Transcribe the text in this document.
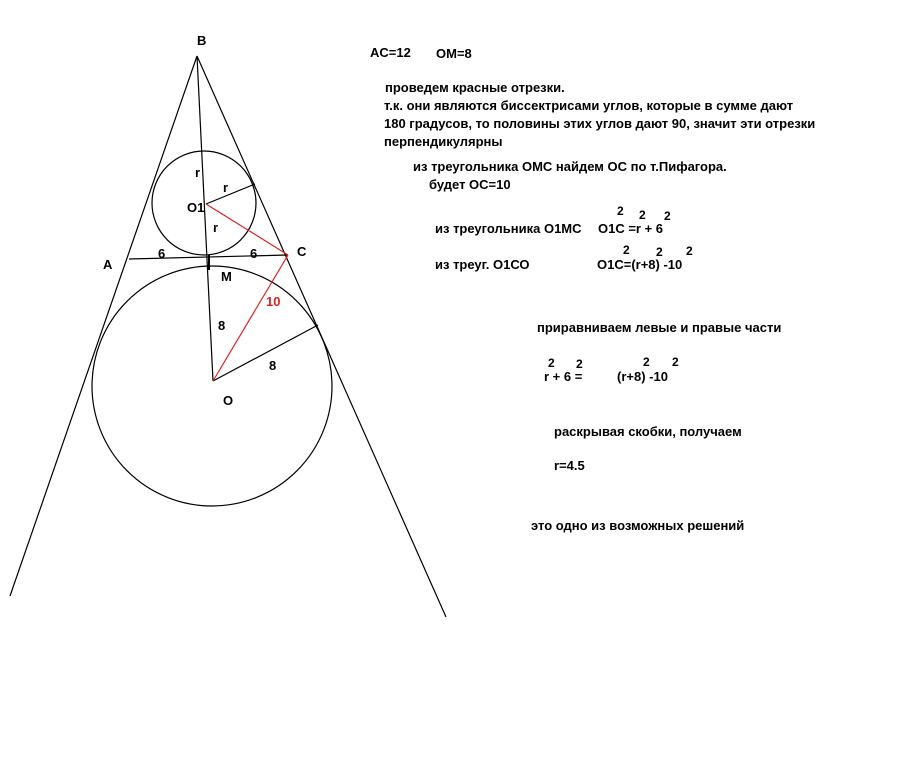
B
A
C
M
O1
O
r
r
r
6	6
8
10
8
AC=12 OM=8
проведем красные отрезки.
т.к. они являются биссектрисами углов, которые в сумме дают
180 градусов, то половины этих углов дают 90, значит эти отрезки
перпендикулярны
из треугольника ОМС найдем ОС по т.Пифагора.
будет ОС=10
из треугольника О1МС О1С =r + 6
2 2 2
из треуг. О1СО	О1С=(r+8) -10
2 2 2
приравниваем левые и правые части
r + 6 =	(r+8) -10
2 2	2 2
раскрывая скобки, получаем
r=4.5
это одно из возможных решений
